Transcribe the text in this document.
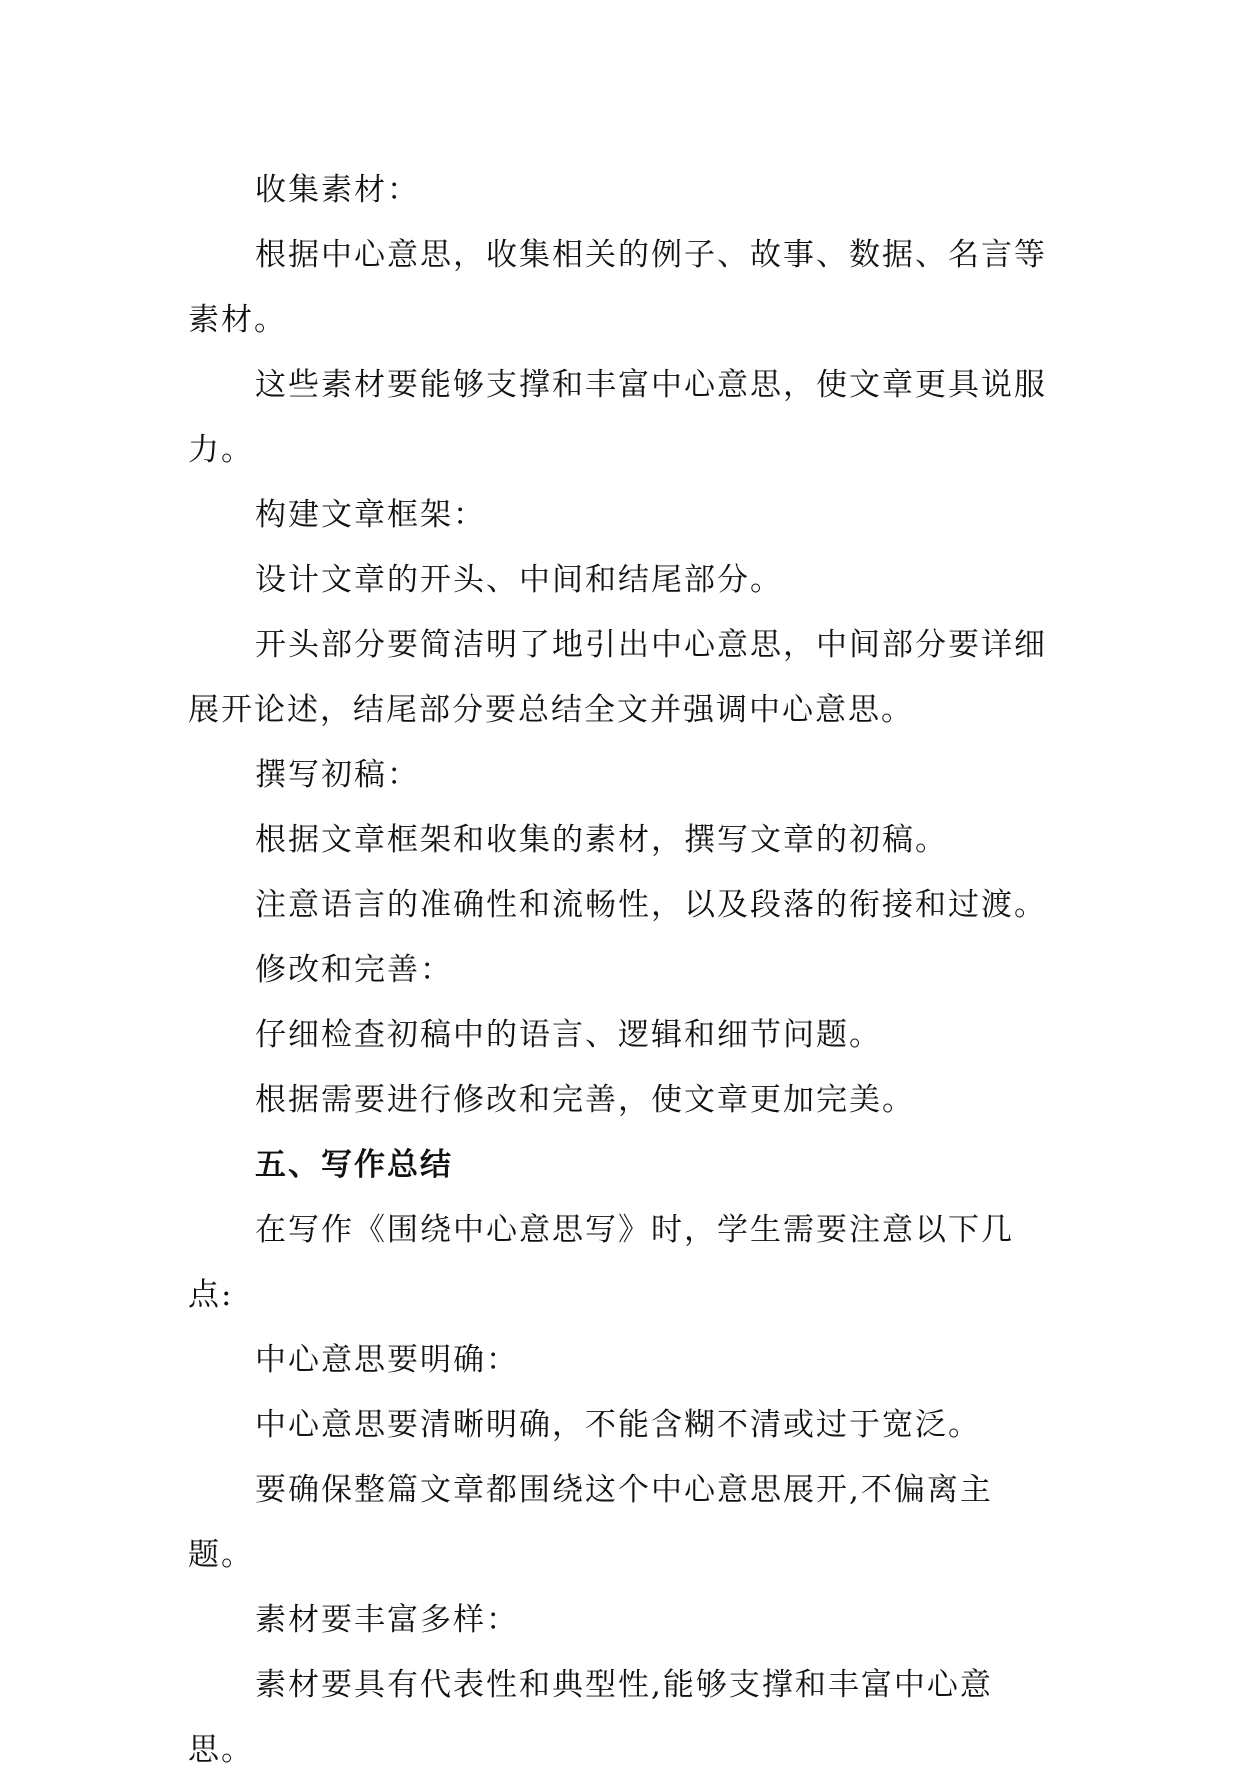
收集素材：

根据中心意思，收集相关的例子、故事、数据、名言等素材。

这些素材要能够支撑和丰富中心意思，使文章更具说服力。

构建文章框架：

设计文章的开头、中间和结尾部分。

开头部分要简洁明了地引出中心意思，中间部分要详细展开论述，结尾部分要总结全文并强调中心意思。

撰写初稿：

根据文章框架和收集的素材，撰写文章的初稿。

注意语言的准确性和流畅性，以及段落的衔接和过渡。

修改和完善：

仔细检查初稿中的语言、逻辑和细节问题。

根据需要进行修改和完善，使文章更加完美。

五、写作总结

在写作《围绕中心意思写》时，学生需要注意以下几点:

中心意思要明确：

中心意思要清晰明确，不能含糊不清或过于宽泛。

要确保整篇文章都围绕这个中心意思展开,不偏离主题。

素材要丰富多样：

素材要具有代表性和典型性,能够支撑和丰富中心意思。
